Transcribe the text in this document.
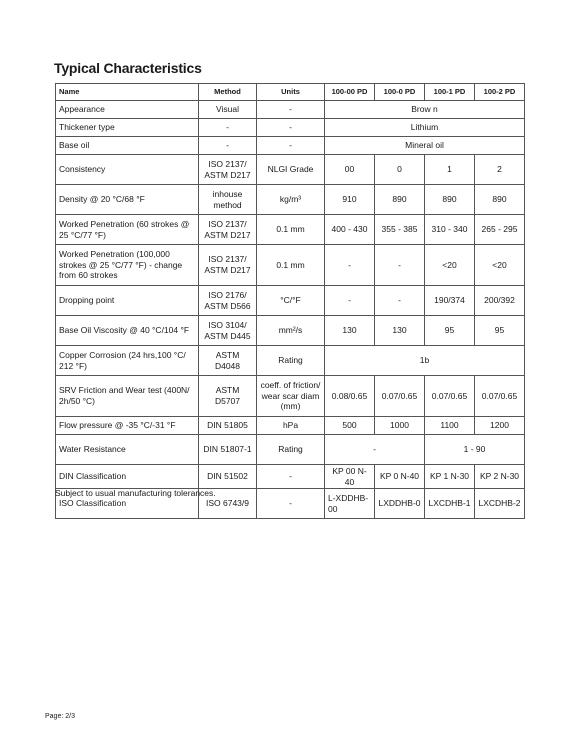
Typical Characteristics
Name	Method	Units	100-00 PD	100-0 PD	100-1 PD	100-2 PD
Appearance	Visual	-	Brow n			
Thickener type	-	-	Lithium			
Base oil	-	-	Mineral oil			
Consistency	ISO 2137/ ASTM D217	NLGI Grade	00	0	1	2
Density @ 20 °C/68 °F	inhouse method	kg/m³	910	890	890	890
Worked Penetration (60 strokes @ 25 °C/77 °F)	ISO 2137/ ASTM D217	0.1 mm	400 - 430	355 - 385	310 - 340	265 - 295
Worked Penetration (100,000 strokes @ 25 °C/77 °F) - change from 60 strokes	ISO 2137/ ASTM D217	0.1 mm	-	-	<20	<20
Dropping point	ISO 2176/ ASTM D566	°C/°F	-	-	190/374	200/392
Base Oil Viscosity @ 40 °C/104 °F	ISO 3104/ ASTM D445	mm²/s	130	130	95	95
Copper Corrosion (24 hrs,100 °C/ 212 °F)	ASTM D4048	Rating	1b			
SRV Friction and Wear test (400N/ 2h/50 °C)	ASTM D5707	coeff. of friction/ wear scar diam (mm)	0.08/0.65	0.07/0.65	0.07/0.65	0.07/0.65
Flow pressure @ -35 °C/-31 °F	DIN 51805	hPa	500	1000	1100	1200
Water Resistance	DIN 51807-1	Rating	-		1 - 90	
DIN Classification	DIN 51502	-	KP 00 N-40	KP 0 N-40	KP 1 N-30	KP 2 N-30
ISO Classification	ISO 6743/9	-	L-XDDHB-00	LXDDHB-0	LXCDHB-1	LXCDHB-2

Subject to usual manufacturing tolerances.

Page: 2/3
